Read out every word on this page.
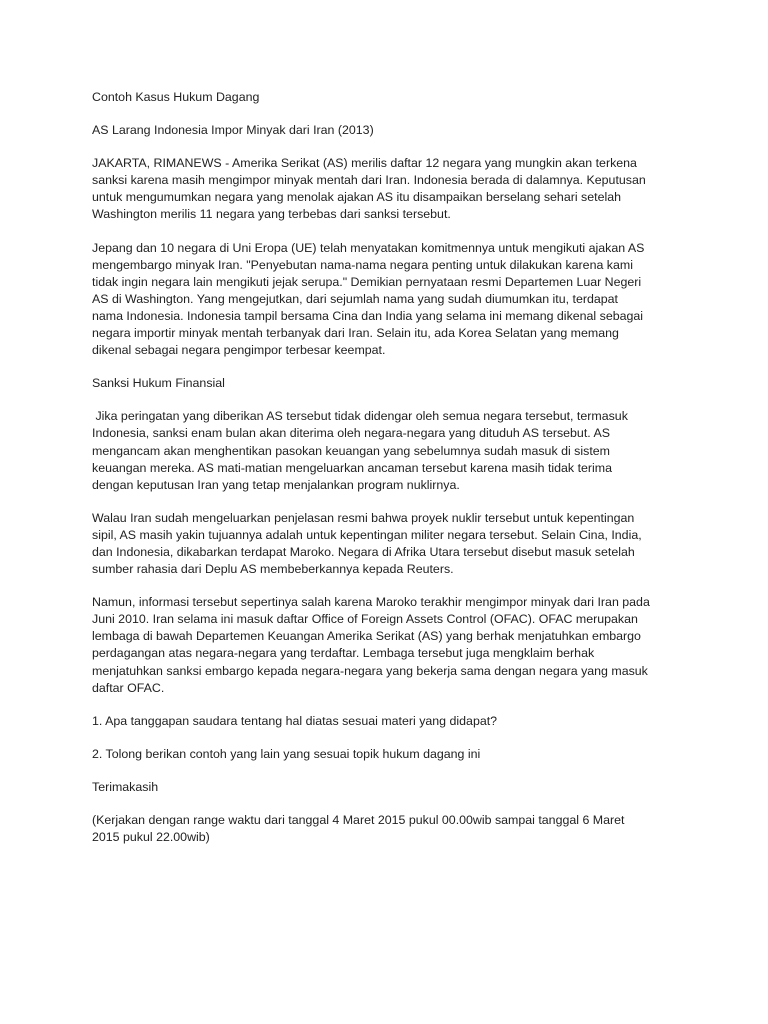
Contoh Kasus Hukum Dagang

AS Larang Indonesia Impor Minyak dari Iran (2013)

JAKARTA, RIMANEWS - Amerika Serikat (AS) merilis daftar 12 negara yang mungkin akan terkena
sanksi karena masih mengimpor minyak mentah dari Iran. Indonesia berada di dalamnya. Keputusan
untuk mengumumkan negara yang menolak ajakan AS itu disampaikan berselang sehari setelah
Washington merilis 11 negara yang terbebas dari sanksi tersebut.

Jepang dan 10 negara di Uni Eropa (UE) telah menyatakan komitmennya untuk mengikuti ajakan AS
mengembargo minyak Iran. "Penyebutan nama-nama negara penting untuk dilakukan karena kami
tidak ingin negara lain mengikuti jejak serupa." Demikian pernyataan resmi Departemen Luar Negeri
AS di Washington. Yang mengejutkan, dari sejumlah nama yang sudah diumumkan itu, terdapat
nama Indonesia. Indonesia tampil bersama Cina dan India yang selama ini memang dikenal sebagai
negara importir minyak mentah terbanyak dari Iran. Selain itu, ada Korea Selatan yang memang
dikenal sebagai negara pengimpor terbesar keempat.

Sanksi Hukum Finansial

Jika peringatan yang diberikan AS tersebut tidak didengar oleh semua negara tersebut, termasuk
Indonesia, sanksi enam bulan akan diterima oleh negara-negara yang dituduh AS tersebut. AS
mengancam akan menghentikan pasokan keuangan yang sebelumnya sudah masuk di sistem
keuangan mereka. AS mati-matian mengeluarkan ancaman tersebut karena masih tidak terima
dengan keputusan Iran yang tetap menjalankan program nuklirnya.

Walau Iran sudah mengeluarkan penjelasan resmi bahwa proyek nuklir tersebut untuk kepentingan
sipil, AS masih yakin tujuannya adalah untuk kepentingan militer negara tersebut. Selain Cina, India,
dan Indonesia, dikabarkan terdapat Maroko. Negara di Afrika Utara tersebut disebut masuk setelah
sumber rahasia dari Deplu AS membeberkannya kepada Reuters.

Namun, informasi tersebut sepertinya salah karena Maroko terakhir mengimpor minyak dari Iran pada
Juni 2010. Iran selama ini masuk daftar Office of Foreign Assets Control (OFAC). OFAC merupakan
lembaga di bawah Departemen Keuangan Amerika Serikat (AS) yang berhak menjatuhkan embargo
perdagangan atas negara-negara yang terdaftar. Lembaga tersebut juga mengklaim berhak
menjatuhkan sanksi embargo kepada negara-negara yang bekerja sama dengan negara yang masuk
daftar OFAC.

1. Apa tanggapan saudara tentang hal diatas sesuai materi yang didapat?

2. Tolong berikan contoh yang lain yang sesuai topik hukum dagang ini

Terimakasih

(Kerjakan dengan range waktu dari tanggal 4 Maret 2015 pukul 00.00wib sampai tanggal 6 Maret
2015 pukul 22.00wib)
